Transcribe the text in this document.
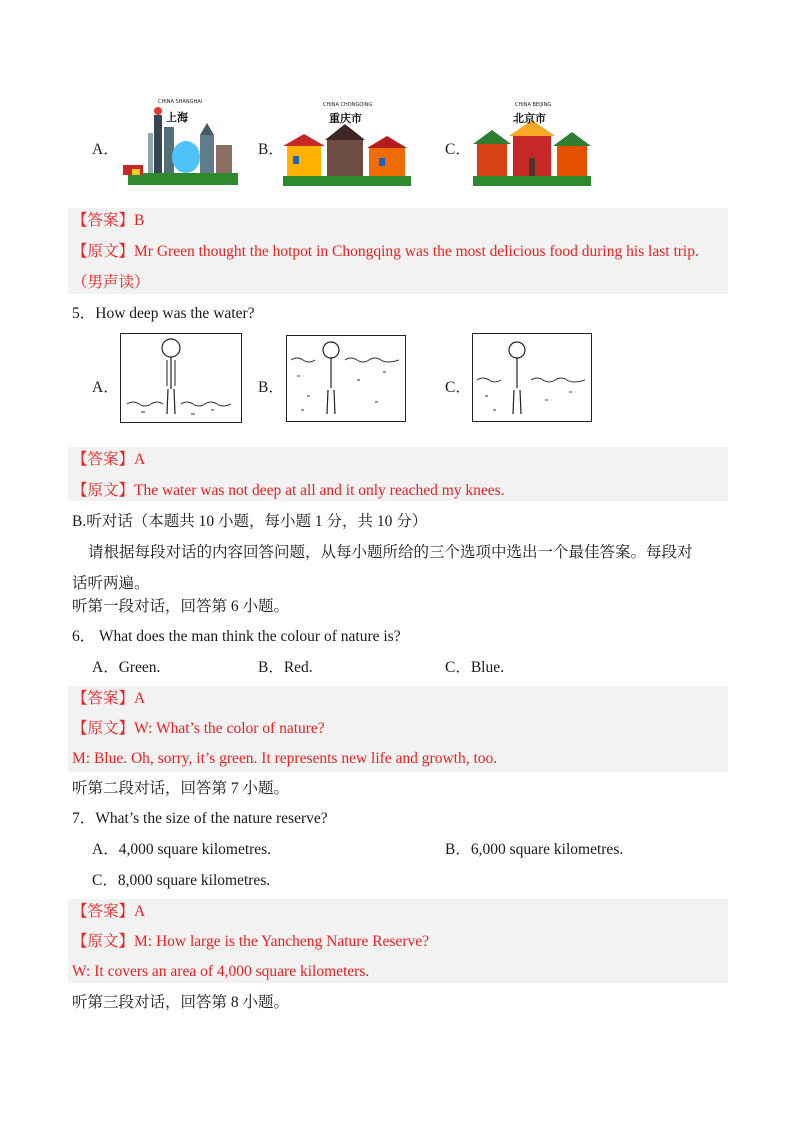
A．
CHINA SHANGHAI
上海
B．
CHINA CHONGQING
重庆市
C．
CHINA BEIJING
北京市
【答案】B
【原文】Mr Green thought the hotpot in Chongqing was the most delicious food during his last trip.
（男声读）
5．How deep was the water?
A．	B．	C．
【答案】A
【原文】The water was not deep at all and it only reached my knees.
B.听对话（本题共 10 小题，每小题 1 分，共 10 分）
请根据每段对话的内容回答问题，从每小题所给的三个选项中选出一个最佳答案。每段对
话听两遍。
听第一段对话，回答第 6 小题。
6． What does the man think the colour of nature is?
A．Green.	B．Red.	C．Blue.
【答案】A
【原文】W: What’s the color of nature?
M: Blue. Oh, sorry, it’s green. It represents new life and growth, too.
听第二段对话，回答第 7 小题。
7．What’s the size of the nature reserve?
A．4,000 square kilometres.	B．6,000 square kilometres.
C．8,000 square kilometres.
【答案】A
【原文】M: How large is the Yancheng Nature Reserve?
W: It covers an area of 4,000 square kilometers.
听第三段对话，回答第 8 小题。
